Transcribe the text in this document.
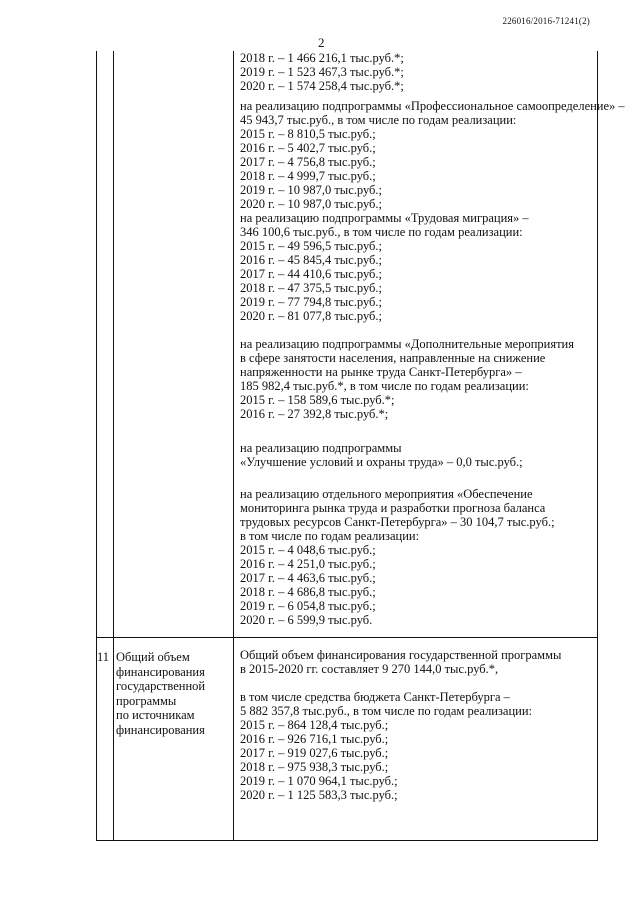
226016/2016-71241(2)
2
11 Общий объем

финансирования

государственной

программы

по источникам

финансирования

2018 г. – 1 466 216,1 тыс.руб.*;

2019 г. – 1 523 467,3 тыс.руб.*;

2020 г. – 1 574 258,4 тыс.руб.*;

на реализацию подпрограммы «Профессиональное самоопределение» –

45 943,7 тыс.руб., в том числе по годам реализации:

2015 г. – 8 810,5 тыс.руб.;

2016 г. – 5 402,7 тыс.руб.;

2017 г. – 4 756,8 тыс.руб.;

2018 г. – 4 999,7 тыс.руб.;

2019 г. – 10 987,0 тыс.руб.;

2020 г. – 10 987,0 тыс.руб.;

на реализацию подпрограммы «Трудовая миграция» –

346 100,6 тыс.руб., в том числе по годам реализации:

2015 г. – 49 596,5 тыс.руб.;

2016 г. – 45 845,4 тыс.руб.;

2017 г. – 44 410,6 тыс.руб.;

2018 г. – 47 375,5 тыс.руб.;

2019 г. – 77 794,8 тыс.руб.;

2020 г. – 81 077,8 тыс.руб.;

на реализацию подпрограммы «Дополнительные мероприятия

в сфере занятости населения, направленные на снижение

напряженности на рынке труда Санкт-Петербурга» –

185 982,4 тыс.руб.*, в том числе по годам реализации:

2015 г. – 158 589,6 тыс.руб.*;

2016 г. – 27 392,8 тыс.руб.*;

на реализацию подпрограммы

«Улучшение условий и охраны труда» – 0,0 тыс.руб.;

на реализацию отдельного мероприятия «Обеспечение

мониторинга рынка труда и разработки прогноза баланса

трудовых ресурсов Санкт-Петербурга» – 30 104,7 тыс.руб.;

в том числе по годам реализации:

2015 г. – 4 048,6 тыс.руб.;

2016 г. – 4 251,0 тыс.руб.;

2017 г. – 4 463,6 тыс.руб.;

2018 г. – 4 686,8 тыс.руб.;

2019 г. – 6 054,8 тыс.руб.;

2020 г. – 6 599,9 тыс.руб.

Общий объем финансирования государственной программы

в 2015-2020 гг. составляет 9 270 144,0 тыс.руб.*,

в том числе средства бюджета Санкт-Петербурга –

5 882 357,8 тыс.руб., в том числе по годам реализации:

2015 г. – 864 128,4 тыс.руб.;

2016 г. – 926 716,1 тыс.руб.;

2017 г. – 919 027,6 тыс.руб.;

2018 г. – 975 938,3 тыс.руб.;

2019 г. – 1 070 964,1 тыс.руб.;

2020 г. – 1 125 583,3 тыс.руб.;
